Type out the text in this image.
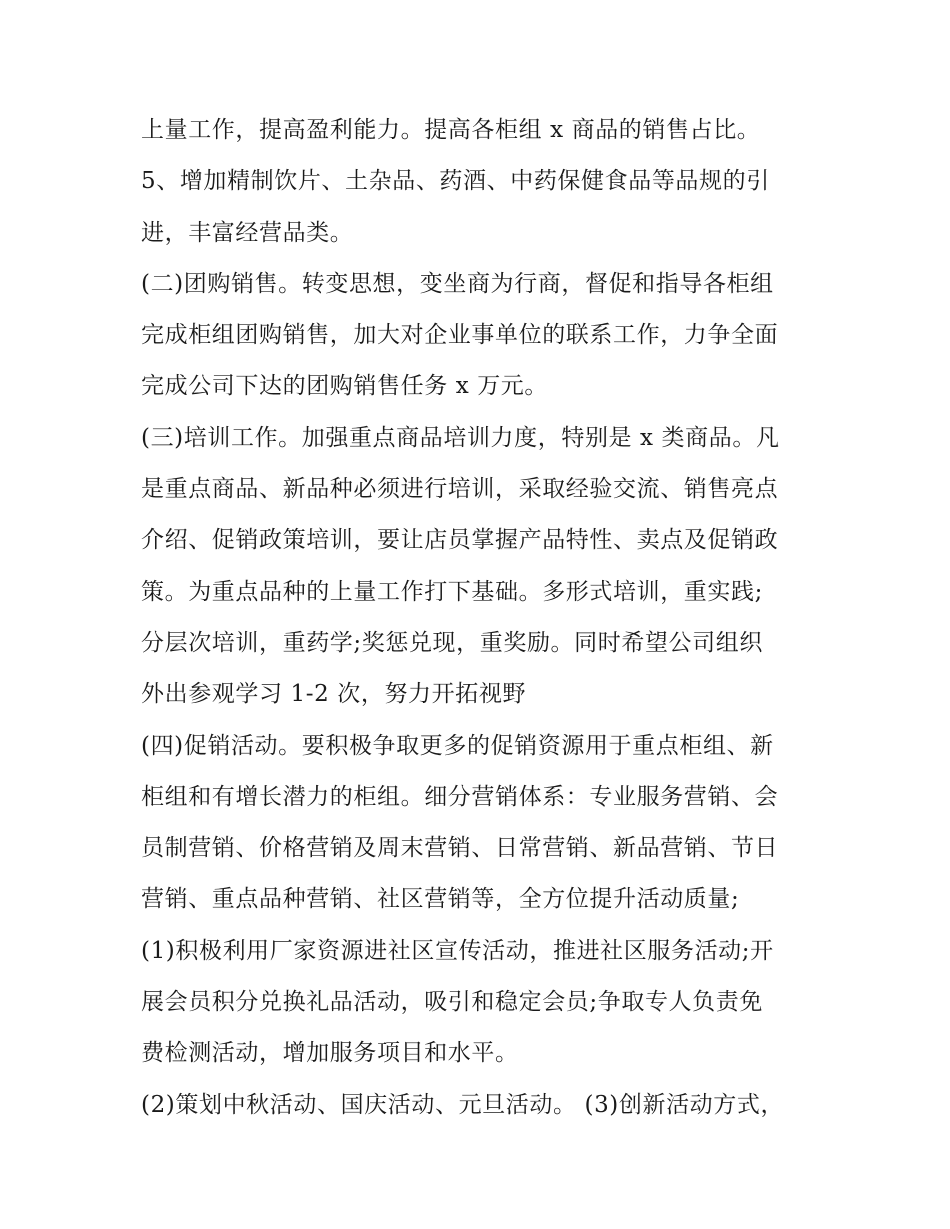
上量工作，提高盈利能力。提高各柜组 x 商品的销售占比。
5、增加精制饮片、土杂品、药酒、中药保健食品等品规的引
进，丰富经营品类。
(二)团购销售。转变思想，变坐商为行商，督促和指导各柜组
完成柜组团购销售，加大对企业事单位的联系工作，力争全面
完成公司下达的团购销售任务 x 万元。
(三)培训工作。加强重点商品培训力度，特别是 x 类商品。凡
是重点商品、新品种必须进行培训，采取经验交流、销售亮点
介绍、促销政策培训，要让店员掌握产品特性、卖点及促销政
策。为重点品种的上量工作打下基础。多形式培训，重实践;
分层次培训，重药学;奖惩兑现，重奖励。同时希望公司组织
外出参观学习 1-2 次，努力开拓视野
(四)促销活动。要积极争取更多的促销资源用于重点柜组、新
柜组和有增长潜力的柜组。细分营销体系：专业服务营销、会
员制营销、价格营销及周末营销、日常营销、新品营销、节日
营销、重点品种营销、社区营销等，全方位提升活动质量;
(1)积极利用厂家资源进社区宣传活动，推进社区服务活动;开
展会员积分兑换礼品活动，吸引和稳定会员;争取专人负责免
费检测活动，增加服务项目和水平。
(2)策划中秋活动、国庆活动、元旦活动。 (3)创新活动方式，
